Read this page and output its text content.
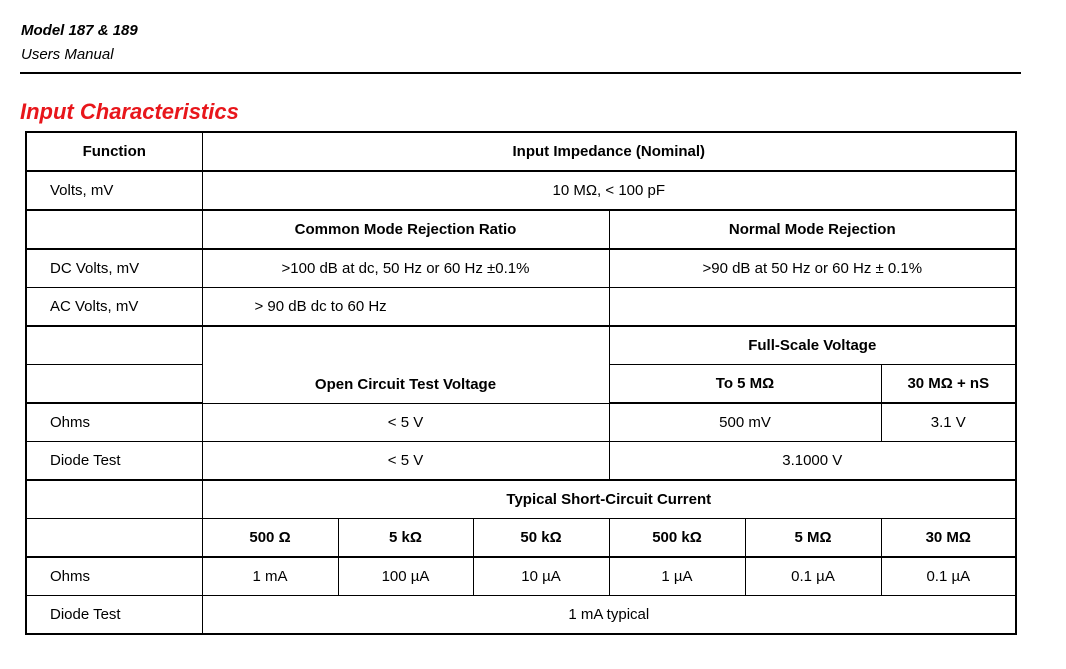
Model 187 & 189
Users Manual
Input Characteristics
Function	Input Impedance (Nominal)					
Volts, mV	10 MΩ, < 100 pF					
	Common Mode Rejection Ratio			Normal Mode Rejection		
DC Volts, mV	>100 dB at dc, 50 Hz or 60 Hz ±0.1%			>90 dB at 50 Hz or 60 Hz ± 0.1%		
AC Volts, mV	> 90 dB dc to 60 Hz					

	Open Circuit Test Voltage			Full-Scale Voltage		
				To 5 MΩ		30 MΩ + nS
Ohms	< 5 V			500 mV		3.1 V
Diode Test	< 5 V			3.1000 V		
	Typical Short-Circuit Current					
	500 Ω	5 kΩ	50 kΩ	500 kΩ	5 MΩ	30 MΩ
Ohms	1 mA	100 µA	10 µA	1 µA	0.1 µA	0.1 µA
Diode Test	1 mA typical					
